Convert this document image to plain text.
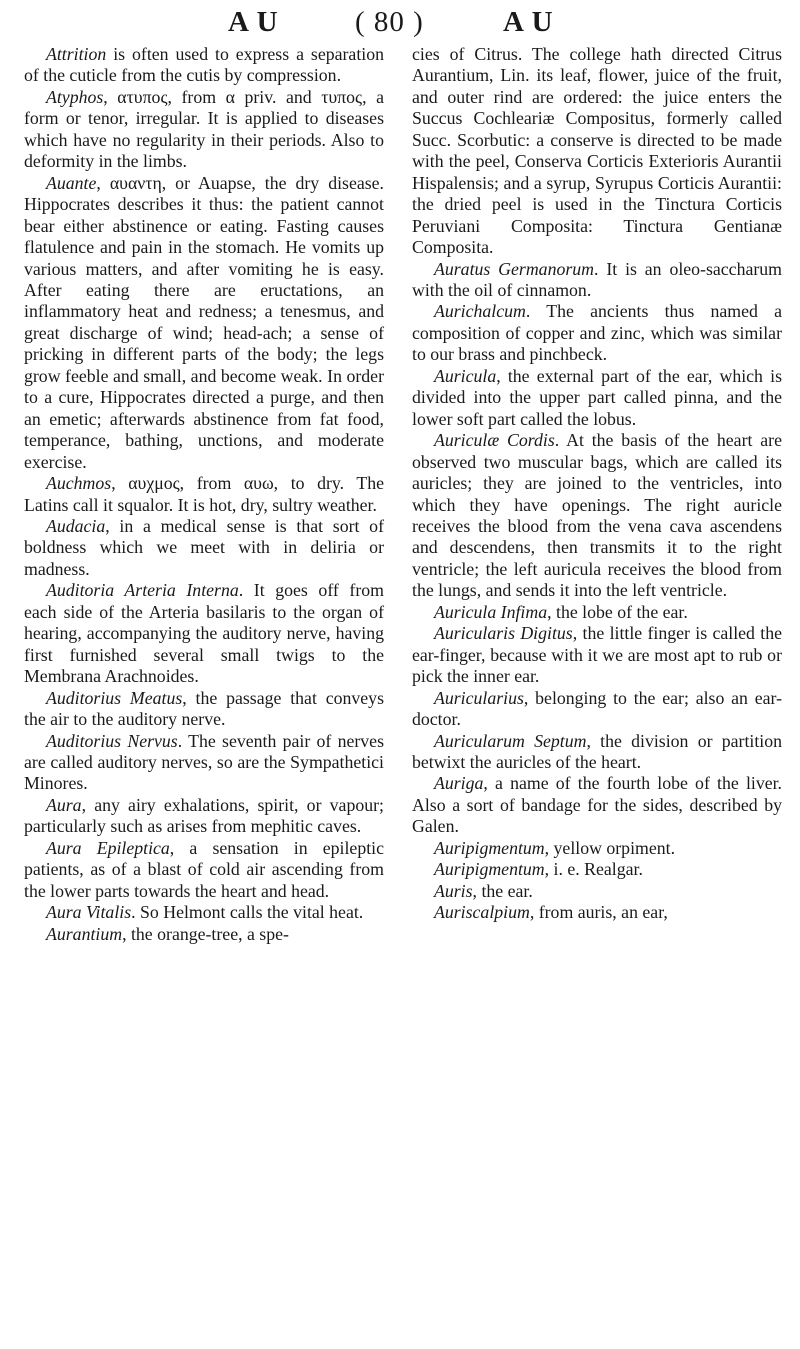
A U	( 80 )	A U

Attrition is often used to express a separation of the cuticle from the cutis by compression.

Atyphos, ατυπος, from α priv. and τυπος, a form or tenor, irregular. It is applied to diseases which have no regularity in their periods. Also to deformity in the limbs.

Auante, αυαντη, or Auapse, the dry disease. Hippocrates describes it thus: the patient cannot bear either abstinence or eating. Fasting causes flatulence and pain in the stomach. He vomits up various matters, and after vomiting he is easy. After eating there are eructations, an inflammatory heat and redness; a tenesmus, and great discharge of wind; head-ach; a sense of pricking in different parts of the body; the legs grow feeble and small, and become weak. In order to a cure, Hippocrates directed a purge, and then an emetic; afterwards abstinence from fat food, temperance, bathing, unctions, and moderate exercise.

Auchmos, αυχμος, from αυω, to dry. The Latins call it squalor. It is hot, dry, sultry weather.

Audacia, in a medical sense is that sort of boldness which we meet with in deliria or madness.

Auditoria Arteria Interna. It goes off from each side of the Arteria basilaris to the organ of hearing, accompanying the auditory nerve, having first furnished several small twigs to the Membrana Arachnoides.

Auditorius Meatus, the passage that conveys the air to the auditory nerve.

Auditorius Nervus. The seventh pair of nerves are called auditory nerves, so are the Sympathetici Minores.

Aura, any airy exhalations, spirit, or vapour; particularly such as arises from mephitic caves.

Aura Epileptica, a sensation in epileptic patients, as of a blast of cold air ascending from the lower parts towards the heart and head.

Aura Vitalis. So Helmont calls the vital heat.

Aurantium, the orange-tree, a spe-

cies of Citrus. The college hath directed Citrus Aurantium, Lin. its leaf, flower, juice of the fruit, and outer rind are ordered: the juice enters the Succus Cochleariæ Compositus, formerly called Succ. Scorbutic: a conserve is directed to be made with the peel, Conserva Corticis Exterioris Aurantii Hispalensis; and a syrup, Syrupus Corticis Aurantii: the dried peel is used in the Tinctura Corticis Peruviani Composita: Tinctura Gentianæ Composita.

Auratus Germanorum. It is an oleo-saccharum with the oil of cinnamon.

Aurichalcum. The ancients thus named a composition of copper and zinc, which was similar to our brass and pinchbeck.

Auricula, the external part of the ear, which is divided into the upper part called pinna, and the lower soft part called the lobus.

Auriculæ Cordis. At the basis of the heart are observed two muscular bags, which are called its auricles; they are joined to the ventricles, into which they have openings. The right auricle receives the blood from the vena cava ascendens and descendens, then transmits it to the right ventricle; the left auricula receives the blood from the lungs, and sends it into the left ventricle.

Auricula Infima, the lobe of the ear.

Auricularis Digitus, the little finger is called the ear-finger, because with it we are most apt to rub or pick the inner ear.

Auricularius, belonging to the ear; also an ear-doctor.

Auricularum Septum, the division or partition betwixt the auricles of the heart.

Auriga, a name of the fourth lobe of the liver. Also a sort of bandage for the sides, described by Galen.

Auripigmentum, yellow orpiment.

Auripigmentum, i. e. Realgar.

Auris, the ear.

Auriscalpium, from auris, an ear,
